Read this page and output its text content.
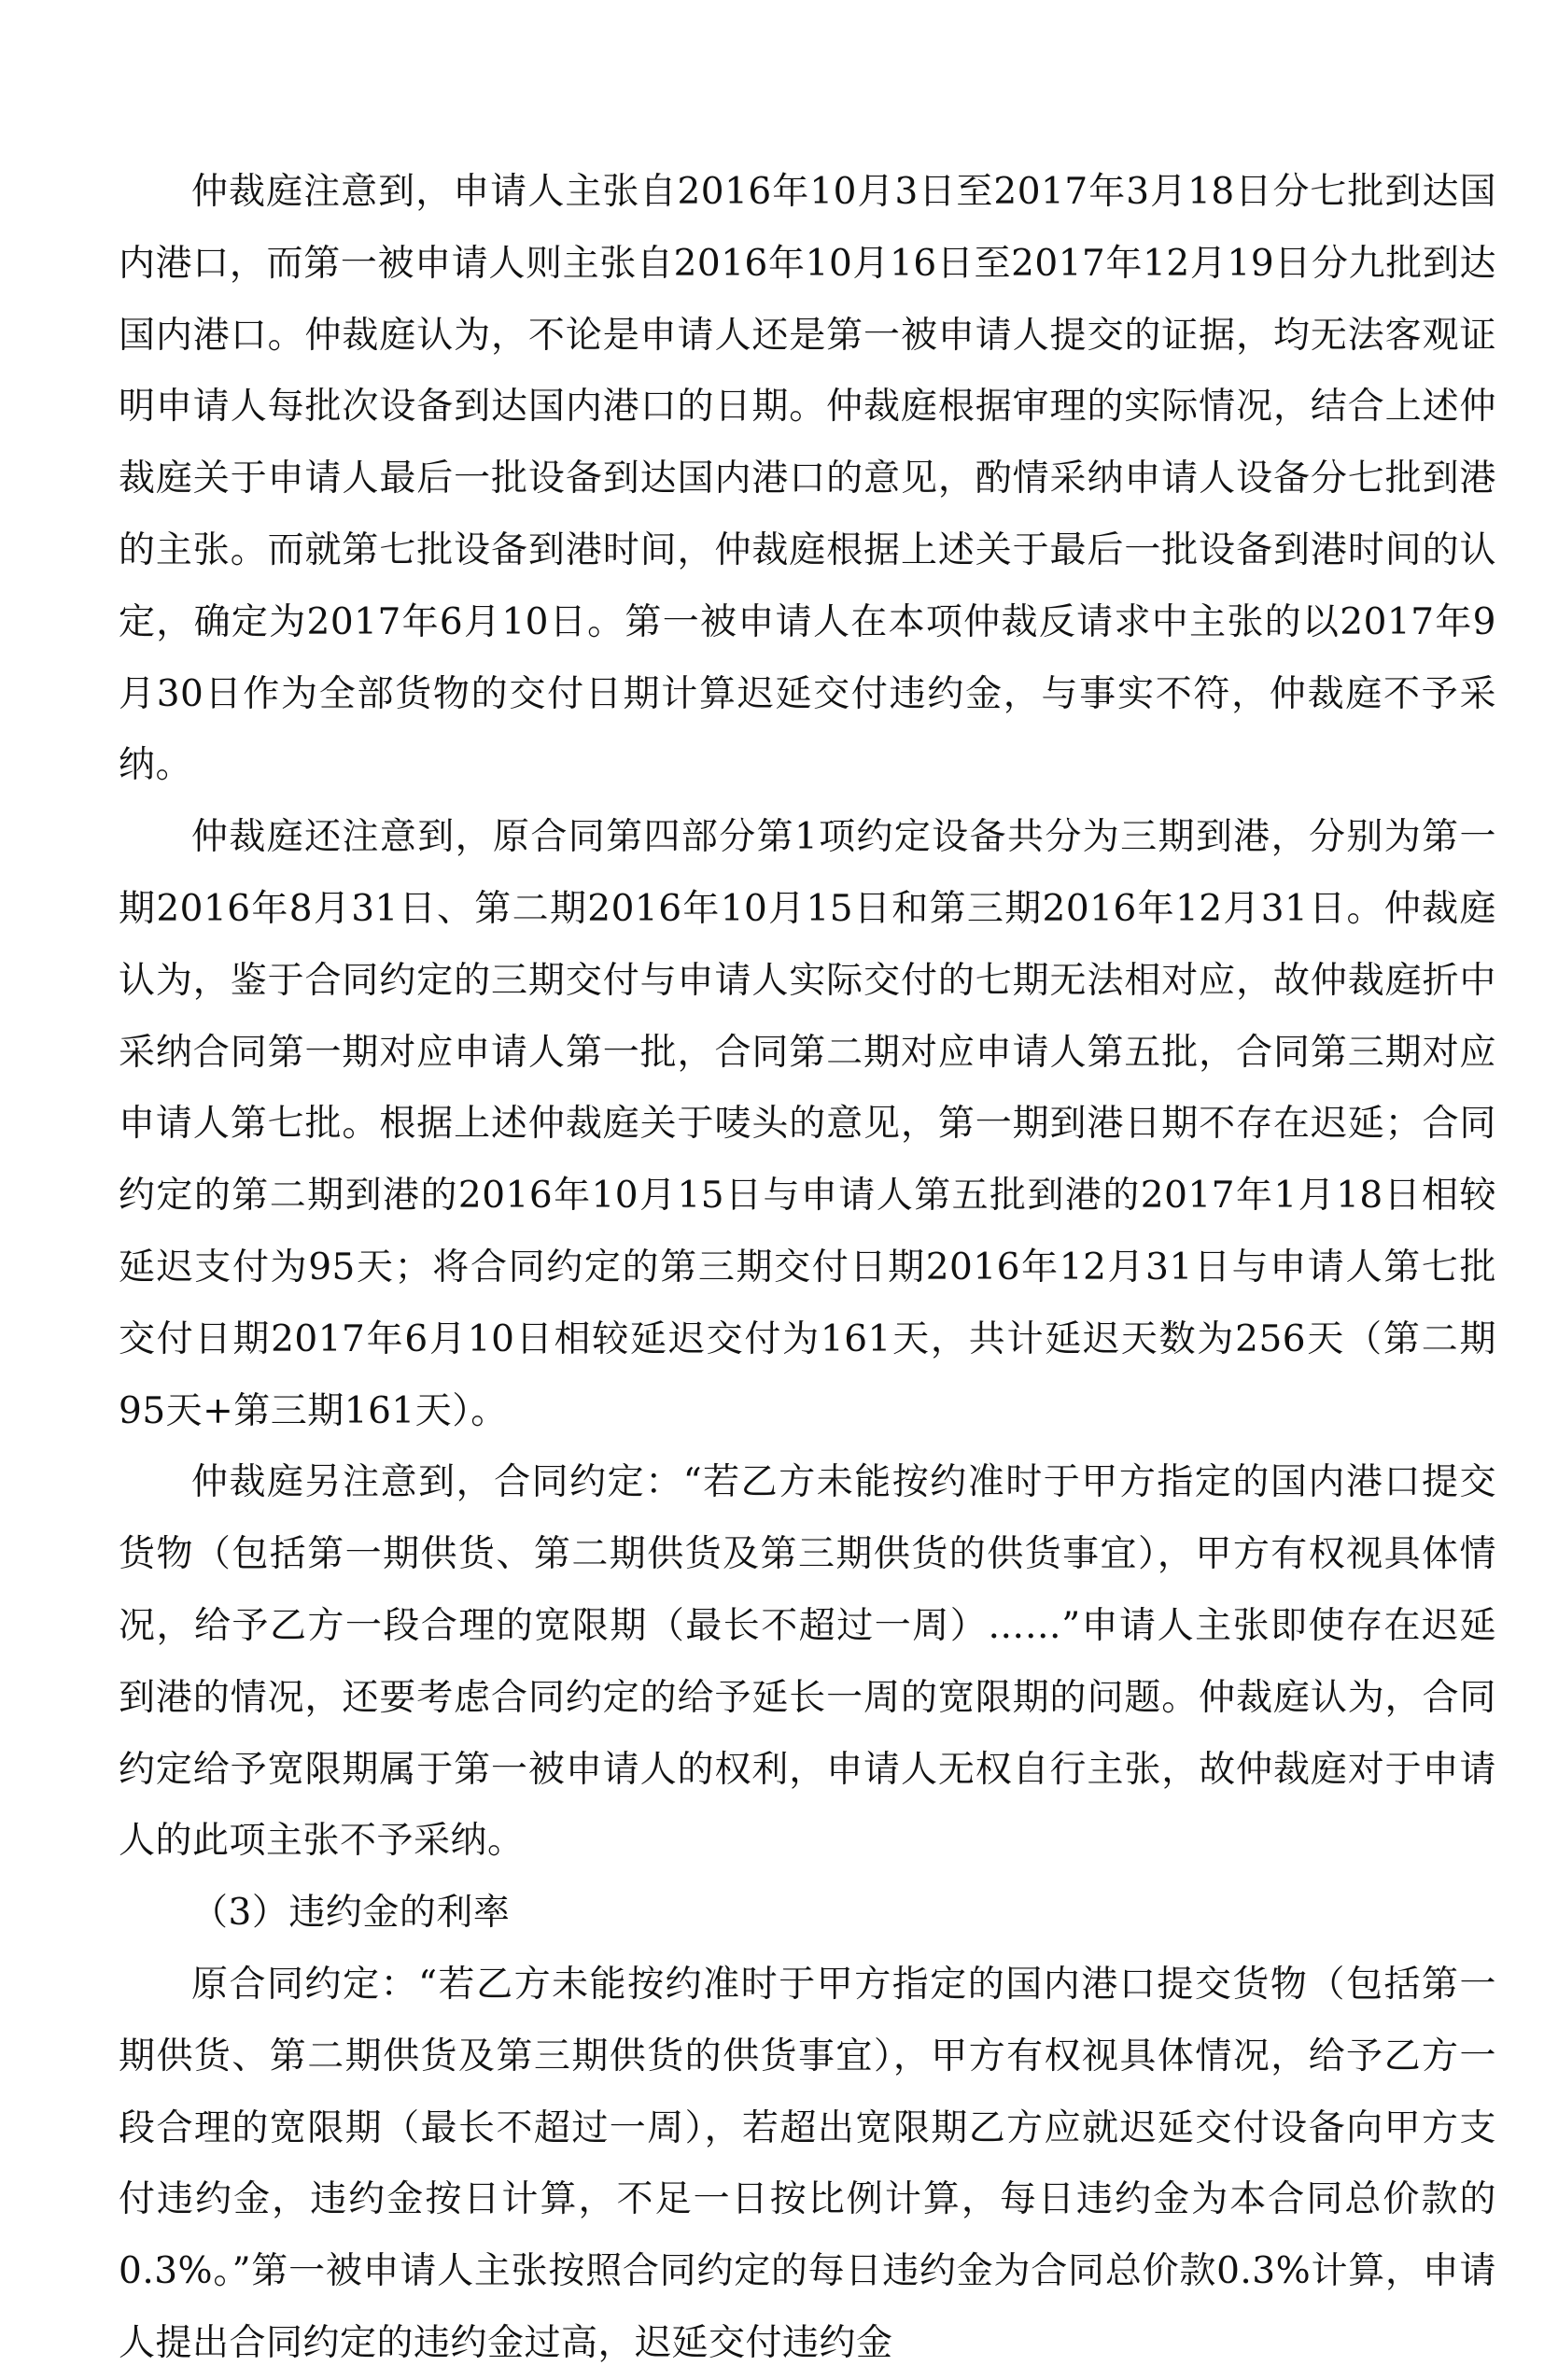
仲裁庭注意到，申请人主张自2016年10月3日至2017年3月18日分七批到达国内港口，而第一被申请人则主张自2016年10月16日至2017年12月19日分九批到达国内港口。仲裁庭认为，不论是申请人还是第一被申请人提交的证据，均无法客观证明申请人每批次设备到达国内港口的日期。仲裁庭根据审理的实际情况，结合上述仲裁庭关于申请人最后一批设备到达国内港口的意见，酌情采纳申请人设备分七批到港的主张。而就第七批设备到港时间，仲裁庭根据上述关于最后一批设备到港时间的认定，确定为2017年6月10日。第一被申请人在本项仲裁反请求中主张的以2017年9月30日作为全部货物的交付日期计算迟延交付违约金，与事实不符，仲裁庭不予采纳。

仲裁庭还注意到，原合同第四部分第1项约定设备共分为三期到港，分别为第一期2016年8月31日、第二期2016年10月15日和第三期2016年12月31日。仲裁庭认为，鉴于合同约定的三期交付与申请人实际交付的七期无法相对应，故仲裁庭折中采纳合同第一期对应申请人第一批，合同第二期对应申请人第五批，合同第三期对应申请人第七批。根据上述仲裁庭关于唛头的意见，第一期到港日期不存在迟延；合同约定的第二期到港的2016年10月15日与申请人第五批到港的2017年1月18日相较延迟支付为95天；将合同约定的第三期交付日期2016年12月31日与申请人第七批交付日期2017年6月10日相较延迟交付为161天，共计延迟天数为256天（第二期95天+第三期161天）。

仲裁庭另注意到，合同约定：“若乙方未能按约准时于甲方指定的国内港口提交货物（包括第一期供货、第二期供货及第三期供货的供货事宜），甲方有权视具体情况，给予乙方一段合理的宽限期（最长不超过一周）……”申请人主张即使存在迟延到港的情况，还要考虑合同约定的给予延长一周的宽限期的问题。仲裁庭认为，合同约定给予宽限期属于第一被申请人的权利，申请人无权自行主张，故仲裁庭对于申请人的此项主张不予采纳。

（3）违约金的利率

原合同约定：“若乙方未能按约准时于甲方指定的国内港口提交货物（包括第一期供货、第二期供货及第三期供货的供货事宜），甲方有权视具体情况，给予乙方一段合理的宽限期（最长不超过一周），若超出宽限期乙方应就迟延交付设备向甲方支付违约金，违约金按日计算，不足一日按比例计算，每日违约金为本合同总价款的0.3%。”第一被申请人主张按照合同约定的每日违约金为合同总价款0.3%计算，申请人提出合同约定的违约金过高，迟延交付违约金
